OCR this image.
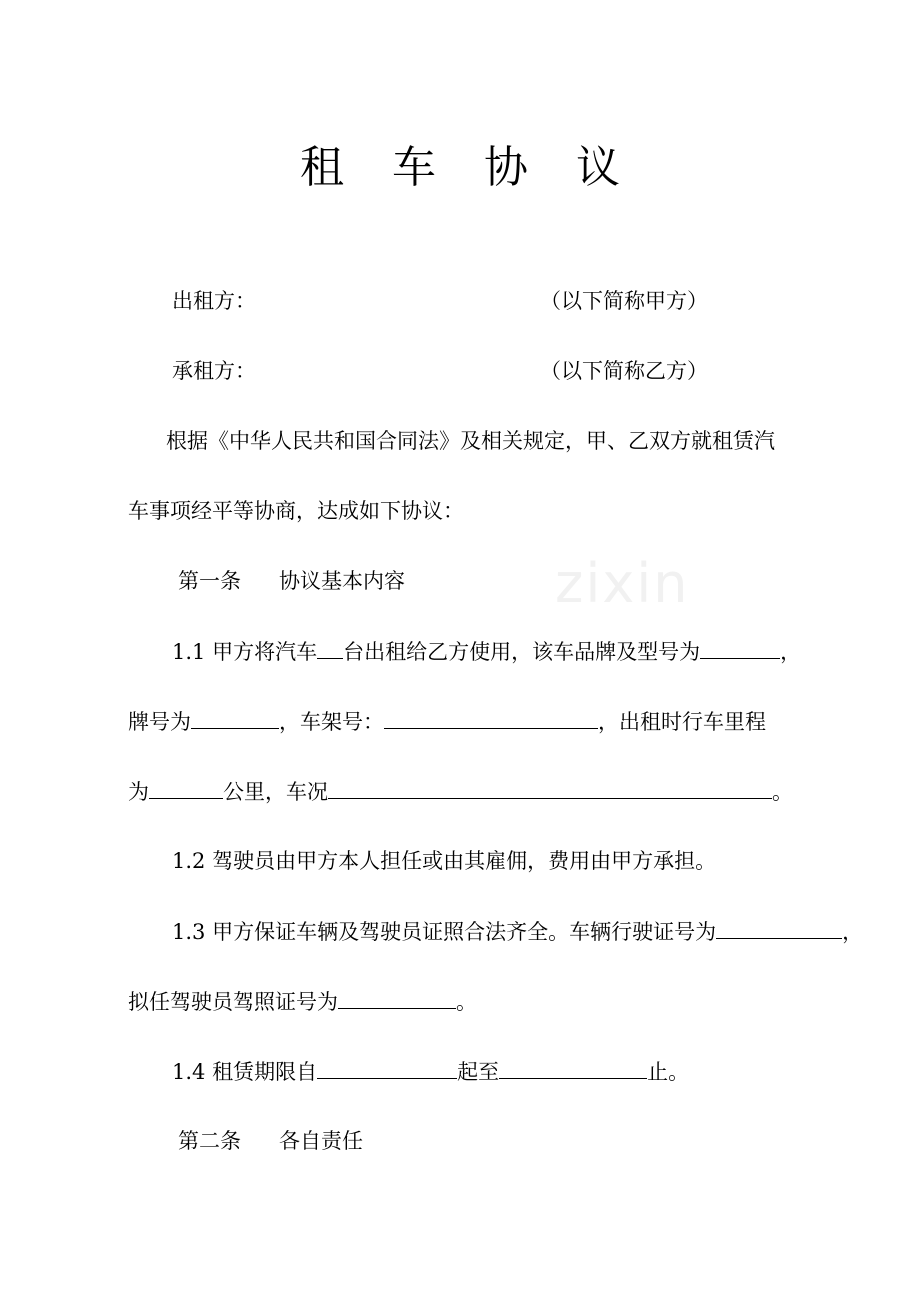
zixin
租 车 协 议
出租方：	（以下简称甲方）
承租方：	（以下简称乙方）
根据《中华人民共和国合同法》及相关规定，甲、乙双方就租赁汽
车事项经平等协商，达成如下协议：
第一条 协议基本内容
1.1 甲方将汽车 台出租给乙方使用，该车品牌及型号为	，
牌号为	，车架号：	，出租时行车里程
为	公里，车况	。
1.2 驾驶员由甲方本人担任或由其雇佣，费用由甲方承担。
1.3 甲方保证车辆及驾驶员证照合法齐全。车辆行驶证号为	，
拟任驾驶员驾照证号为	。
1.4 租赁期限自	起至	止。
第二条 各自责任
